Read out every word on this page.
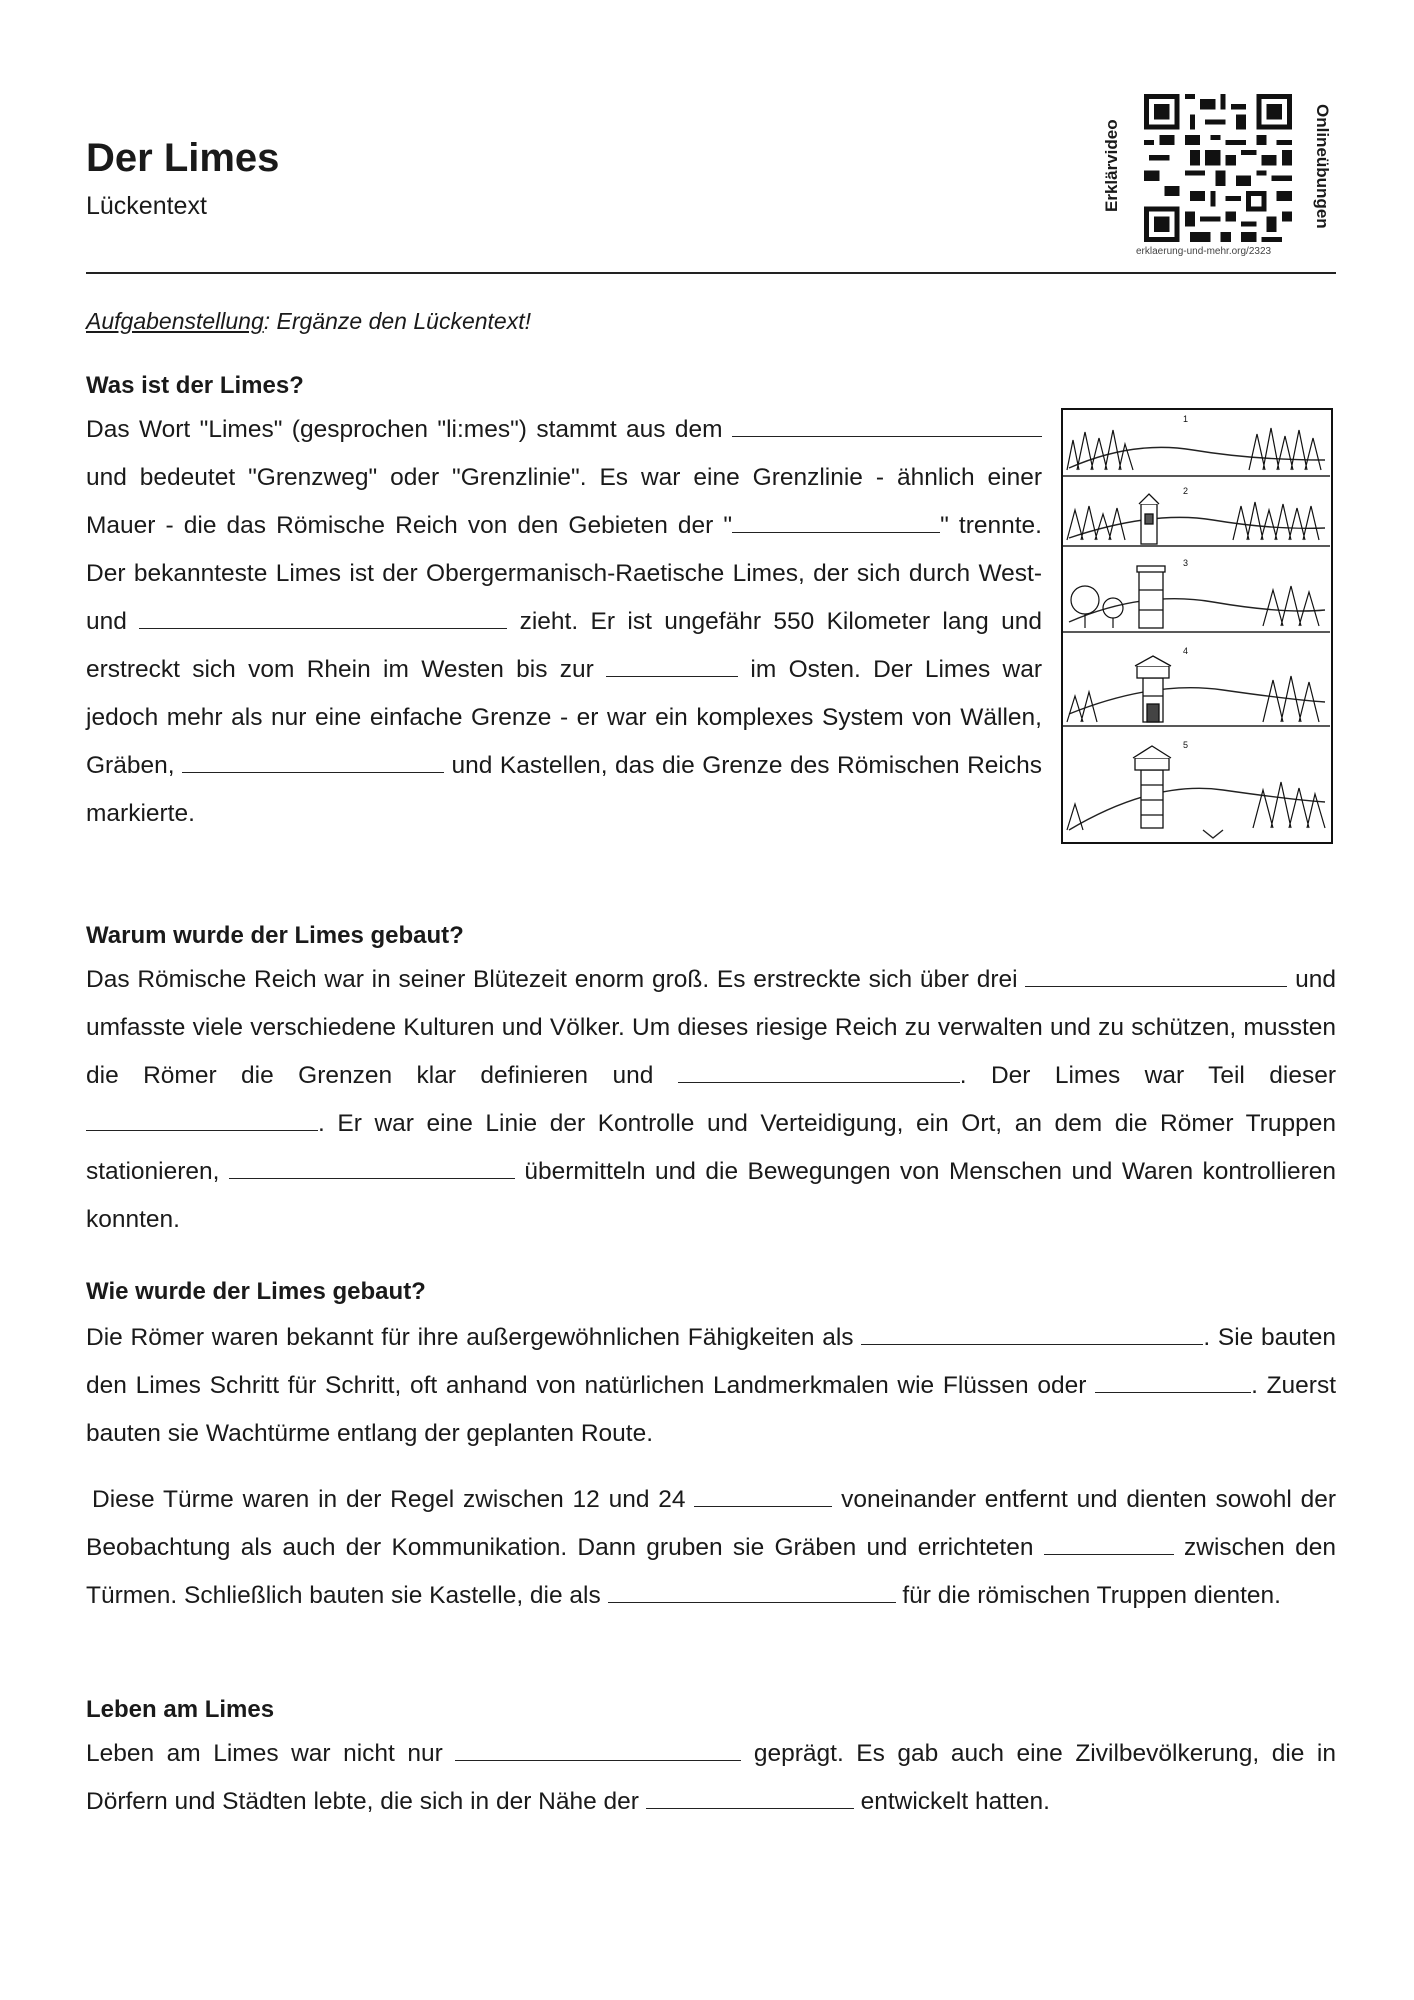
Der Limes
Lückentext	Erklärvideo
erklaerung-und-mehr.org/2323
Onlineübungen
Aufgabenstellung: Ergänze den Lückentext!
Was ist der Limes?

Das Wort "Limes" (gesprochen "li:mes") stammt aus dem  und bedeutet "Grenzweg" oder "Grenzlinie". Es war eine Grenzlinie - ähnlich einer Mauer - die das Römische Reich von den Gebieten der "	" trennte. Der bekannteste Limes ist der Obergermanisch-Raetische Limes, der sich durch West- und	zieht. Er ist ungefähr 550 Kilometer lang und erstreckt sich vom Rhein im Westen bis zur	im Osten. Der Limes war jedoch mehr als nur eine einfache Grenze - er war ein komplexes System von Wällen, Gräben,	und Kastellen, das die Grenze des Römischen Reichs markierte.

1
2
3
4
5
Warum wurde der Limes gebaut?

Das Römische Reich war in seiner Blütezeit enorm groß. Es erstreckte sich über drei	und umfasste viele verschiedene Kulturen und Völker. Um dieses riesige Reich zu verwalten und zu schützen, mussten die Römer die Grenzen klar definieren und	. Der Limes war Teil dieser . Er war eine Linie der Kontrolle und Verteidigung, ein Ort, an dem die Römer Truppen stationieren,	übermitteln und die Bewegungen von Menschen und Waren kontrollieren konnten.

Wie wurde der Limes gebaut?

Die Römer waren bekannt für ihre außergewöhnlichen Fähigkeiten als	. Sie bauten den Limes Schritt für Schritt, oft anhand von natürlichen Landmerkmalen wie Flüssen oder	. Zuerst bauten sie Wachtürme entlang der geplanten Route.

Diese Türme waren in der Regel zwischen 12 und 24	voneinander entfernt und dienten sowohl der Beobachtung als auch der Kommunikation. Dann gruben sie Gräben und errichteten	zwischen den Türmen. Schließlich bauten sie Kastelle, die als	für die römischen Truppen dienten.

Leben am Limes

Leben am Limes war nicht nur	geprägt. Es gab auch eine Zivilbevölkerung, die in Dörfern und Städten lebte, die sich in der Nähe der	entwickelt hatten.
